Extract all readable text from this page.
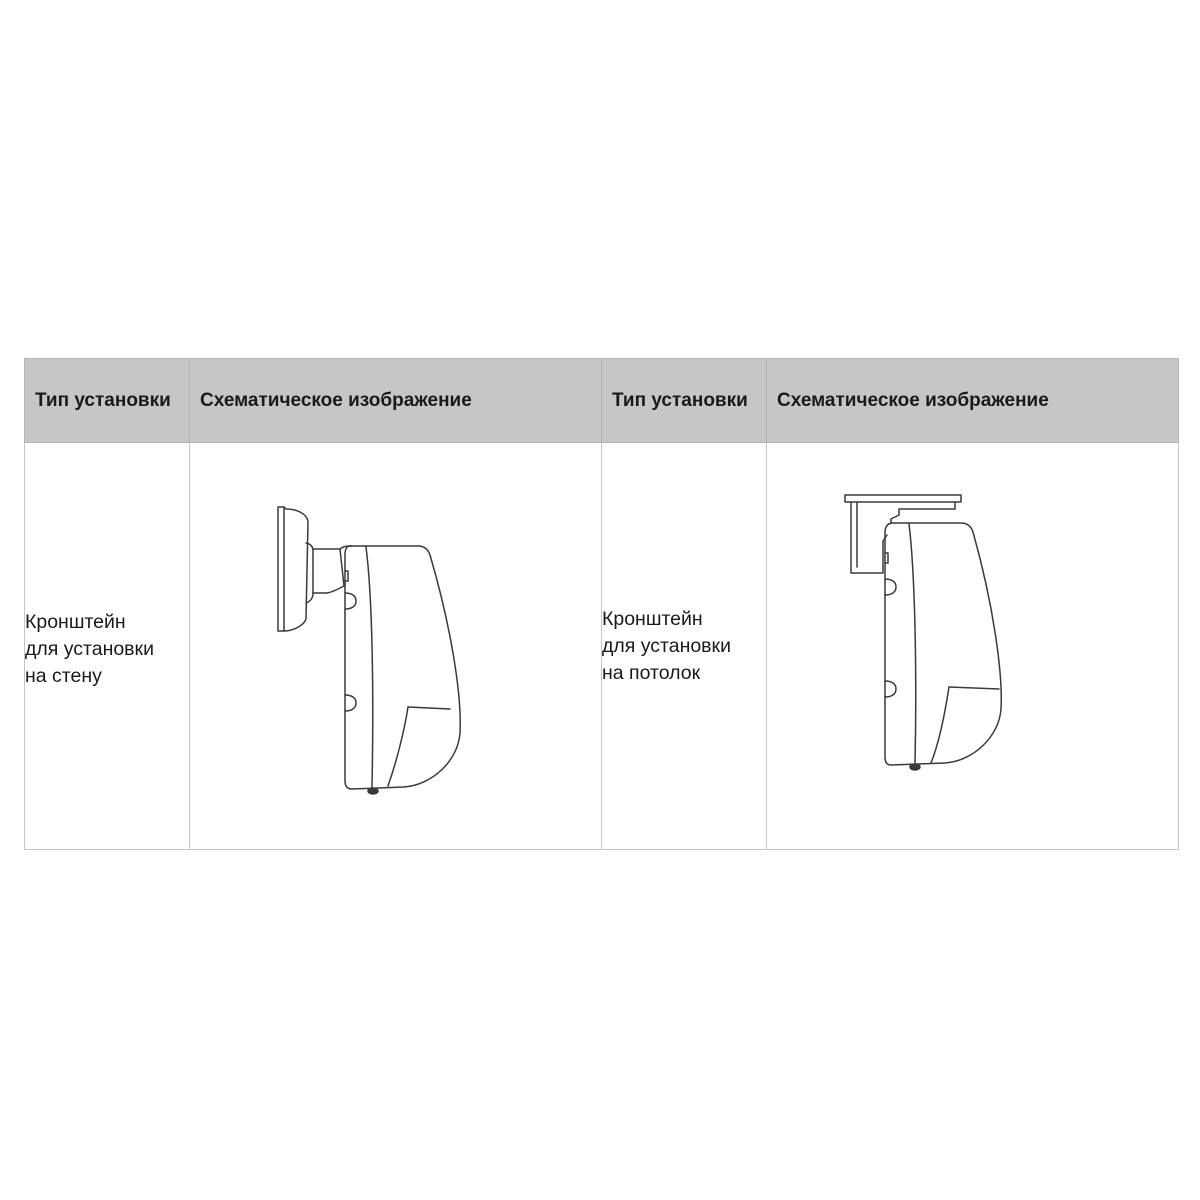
Тип установки	Схематическое изображение	Тип установки	Схематическое изображение

Кронштейн
для установки
на стену		Кронштейн
для установки
на потолок
